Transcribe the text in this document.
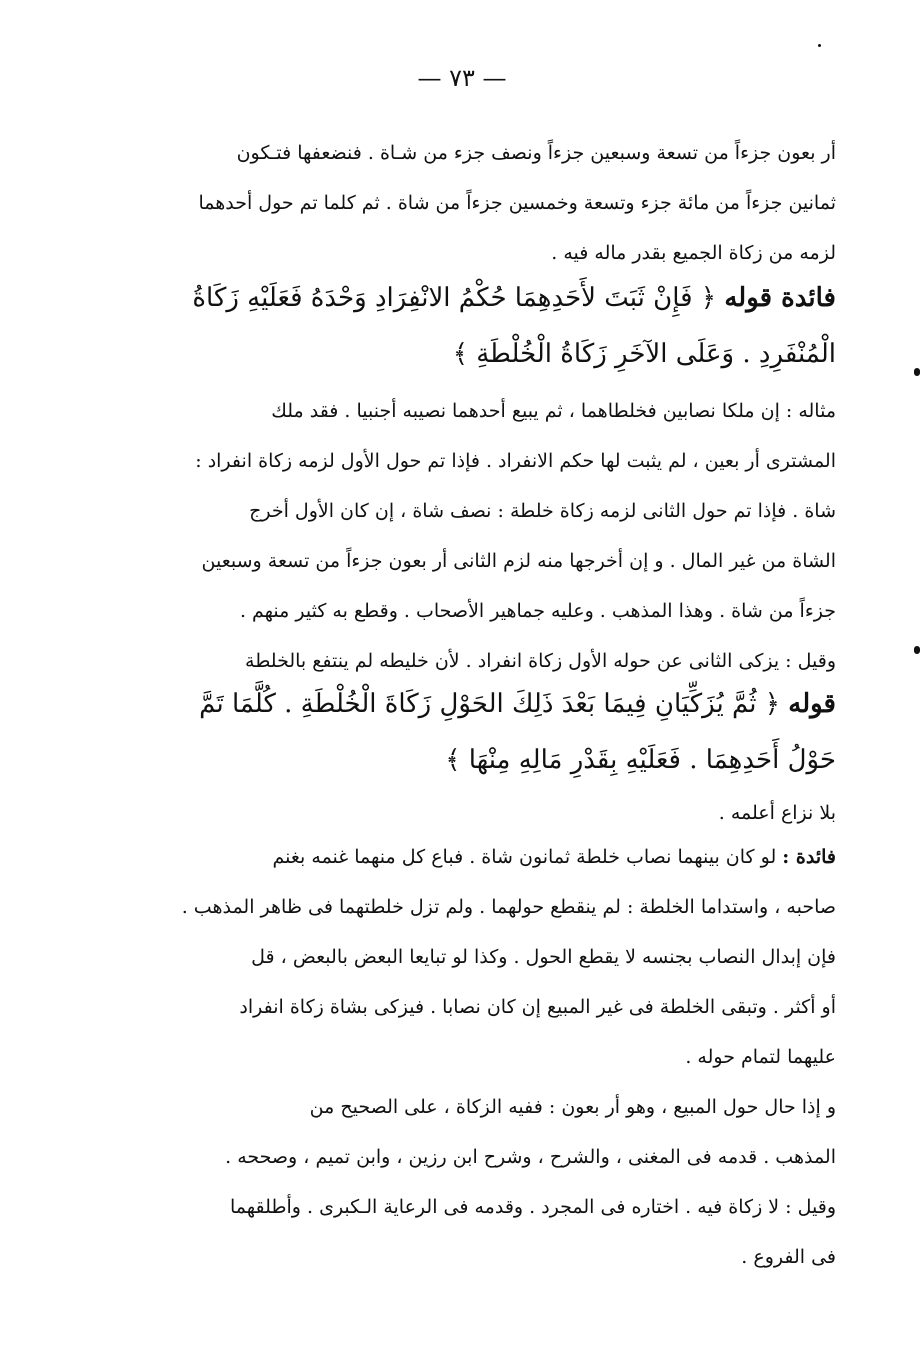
— ٧٣ —
أر بعون جزءاً من تسعة وسبعين جزءاً ونصف جزء من شـاة . فنضعفها فتـكون
ثمانين جزءاً من مائة جزء وتسعة وخمسين جزءاً من شاة . ثم كلما تم حول أحدهما
لزمه من زكاة الجميع بقدر ماله فيه .
فائدة قوله ﴿ فَإِنْ ثَبَتَ لأَحَدِهِمَا حُكْمُ الانْفِرَادِ وَحْدَهُ فَعَلَيْهِ زَكَاةُ
الْمُنْفَرِدِ . وَعَلَى الآخَرِ زَكَاةُ الْخُلْطَةِ ﴾
مثاله : إن ملكا نصابين فخلطاهما ، ثم يبيع أحدهما نصيبه أجنبيا . فقد ملك
المشترى أر بعين ، لم يثبت لها حكم الانفراد . فإذا تم حول الأول لزمه زكاة انفراد :
شاة . فإذا تم حول الثانى لزمه زكاة خلطة : نصف شاة ، إن كان الأول أخرج
الشاة من غير المال . و إن أخرجها منه لزم الثانى أر بعون جزءاً من تسعة وسبعين
جزءاً من شاة . وهذا المذهب . وعليه جماهير الأصحاب . وقطع به كثير منهم .
وقيل : يزكى الثانى عن حوله الأول زكاة انفراد . لأن خليطه لم ينتفع بالخلطة
قوله ﴿ ثُمَّ يُزَكِّيَانِ فِيمَا بَعْدَ ذَلِكَ الحَوْلِ زَكَاةَ الْخُلْطَةِ . كُلَّمَا تَمَّ
حَوْلُ أَحَدِهِمَا . فَعَلَيْهِ بِقَدْرِ مَالِهِ مِنْهَا ﴾
بلا نزاع أعلمه .
فائدة : لو كان بينهما نصاب خلطة ثمانون شاة . فباع كل منهما غنمه بغنم
صاحبه ، واستداما الخلطة : لم ينقطع حولهما . ولم تزل خلطتهما فى ظاهر المذهب .
فإن إبدال النصاب بجنسه لا يقطع الحول . وكذا لو تبايعا البعض بالبعض ، قل
أو أكثر . وتبقى الخلطة فى غير المبيع إن كان نصابا . فيزكى بشاة زكاة انفراد
عليهما لتمام حوله .
و إذا حال حول المبيع ، وهو أر بعون : ففيه الزكاة ، على الصحيح من
المذهب . قدمه فى المغنى ، والشرح ، وشرح ابن رزين ، وابن تميم ، وصححه .
وقيل : لا زكاة فيه . اختاره فى المجرد . وقدمه فى الرعاية الـكبرى . وأطلقهما
فى الفروع .
